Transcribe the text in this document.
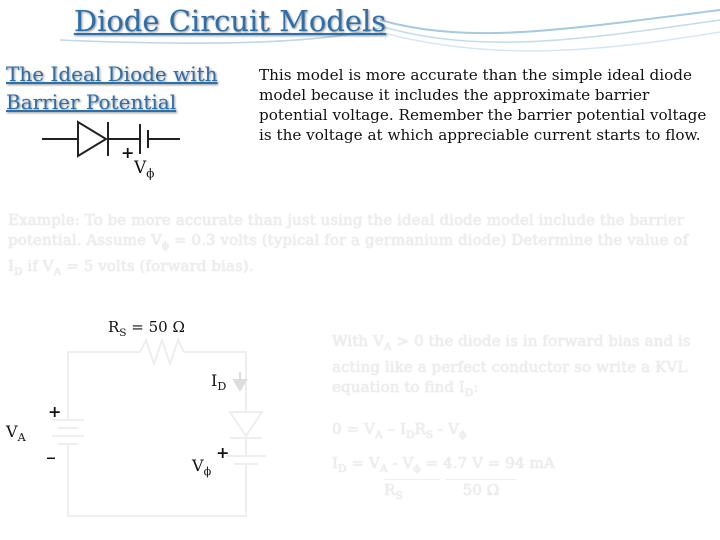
Diode Circuit Models
The Ideal Diode with Barrier Potential
This model is more accurate than the simple ideal diode model because it includes the approximate barrier potential voltage. Remember the barrier potential voltage is the voltage at which appreciable current starts to flow.
+
$V_\phi$
Example: To be more accurate than just using the ideal diode model include the barrier
potential. Assume $V_\phi = 0.3$ volts (typical for a germanium diode) Determine the value of
$I_D$ if $V_A = 5$ volts (forward bias).
$R_S = 50$ Ω
$I_D$
$V_A$
+
_
$V_\phi$
+
With $V_A > 0$ the diode is in forward bias and is
acting like a perfect conductor so write a KVL
equation to find $I_D$:
$0 = V_A - I_DR_S - V_\phi$
$I_D = V_A - V_\phi = 4.7$ V = 94 mA
$R_S$	50 Ω
